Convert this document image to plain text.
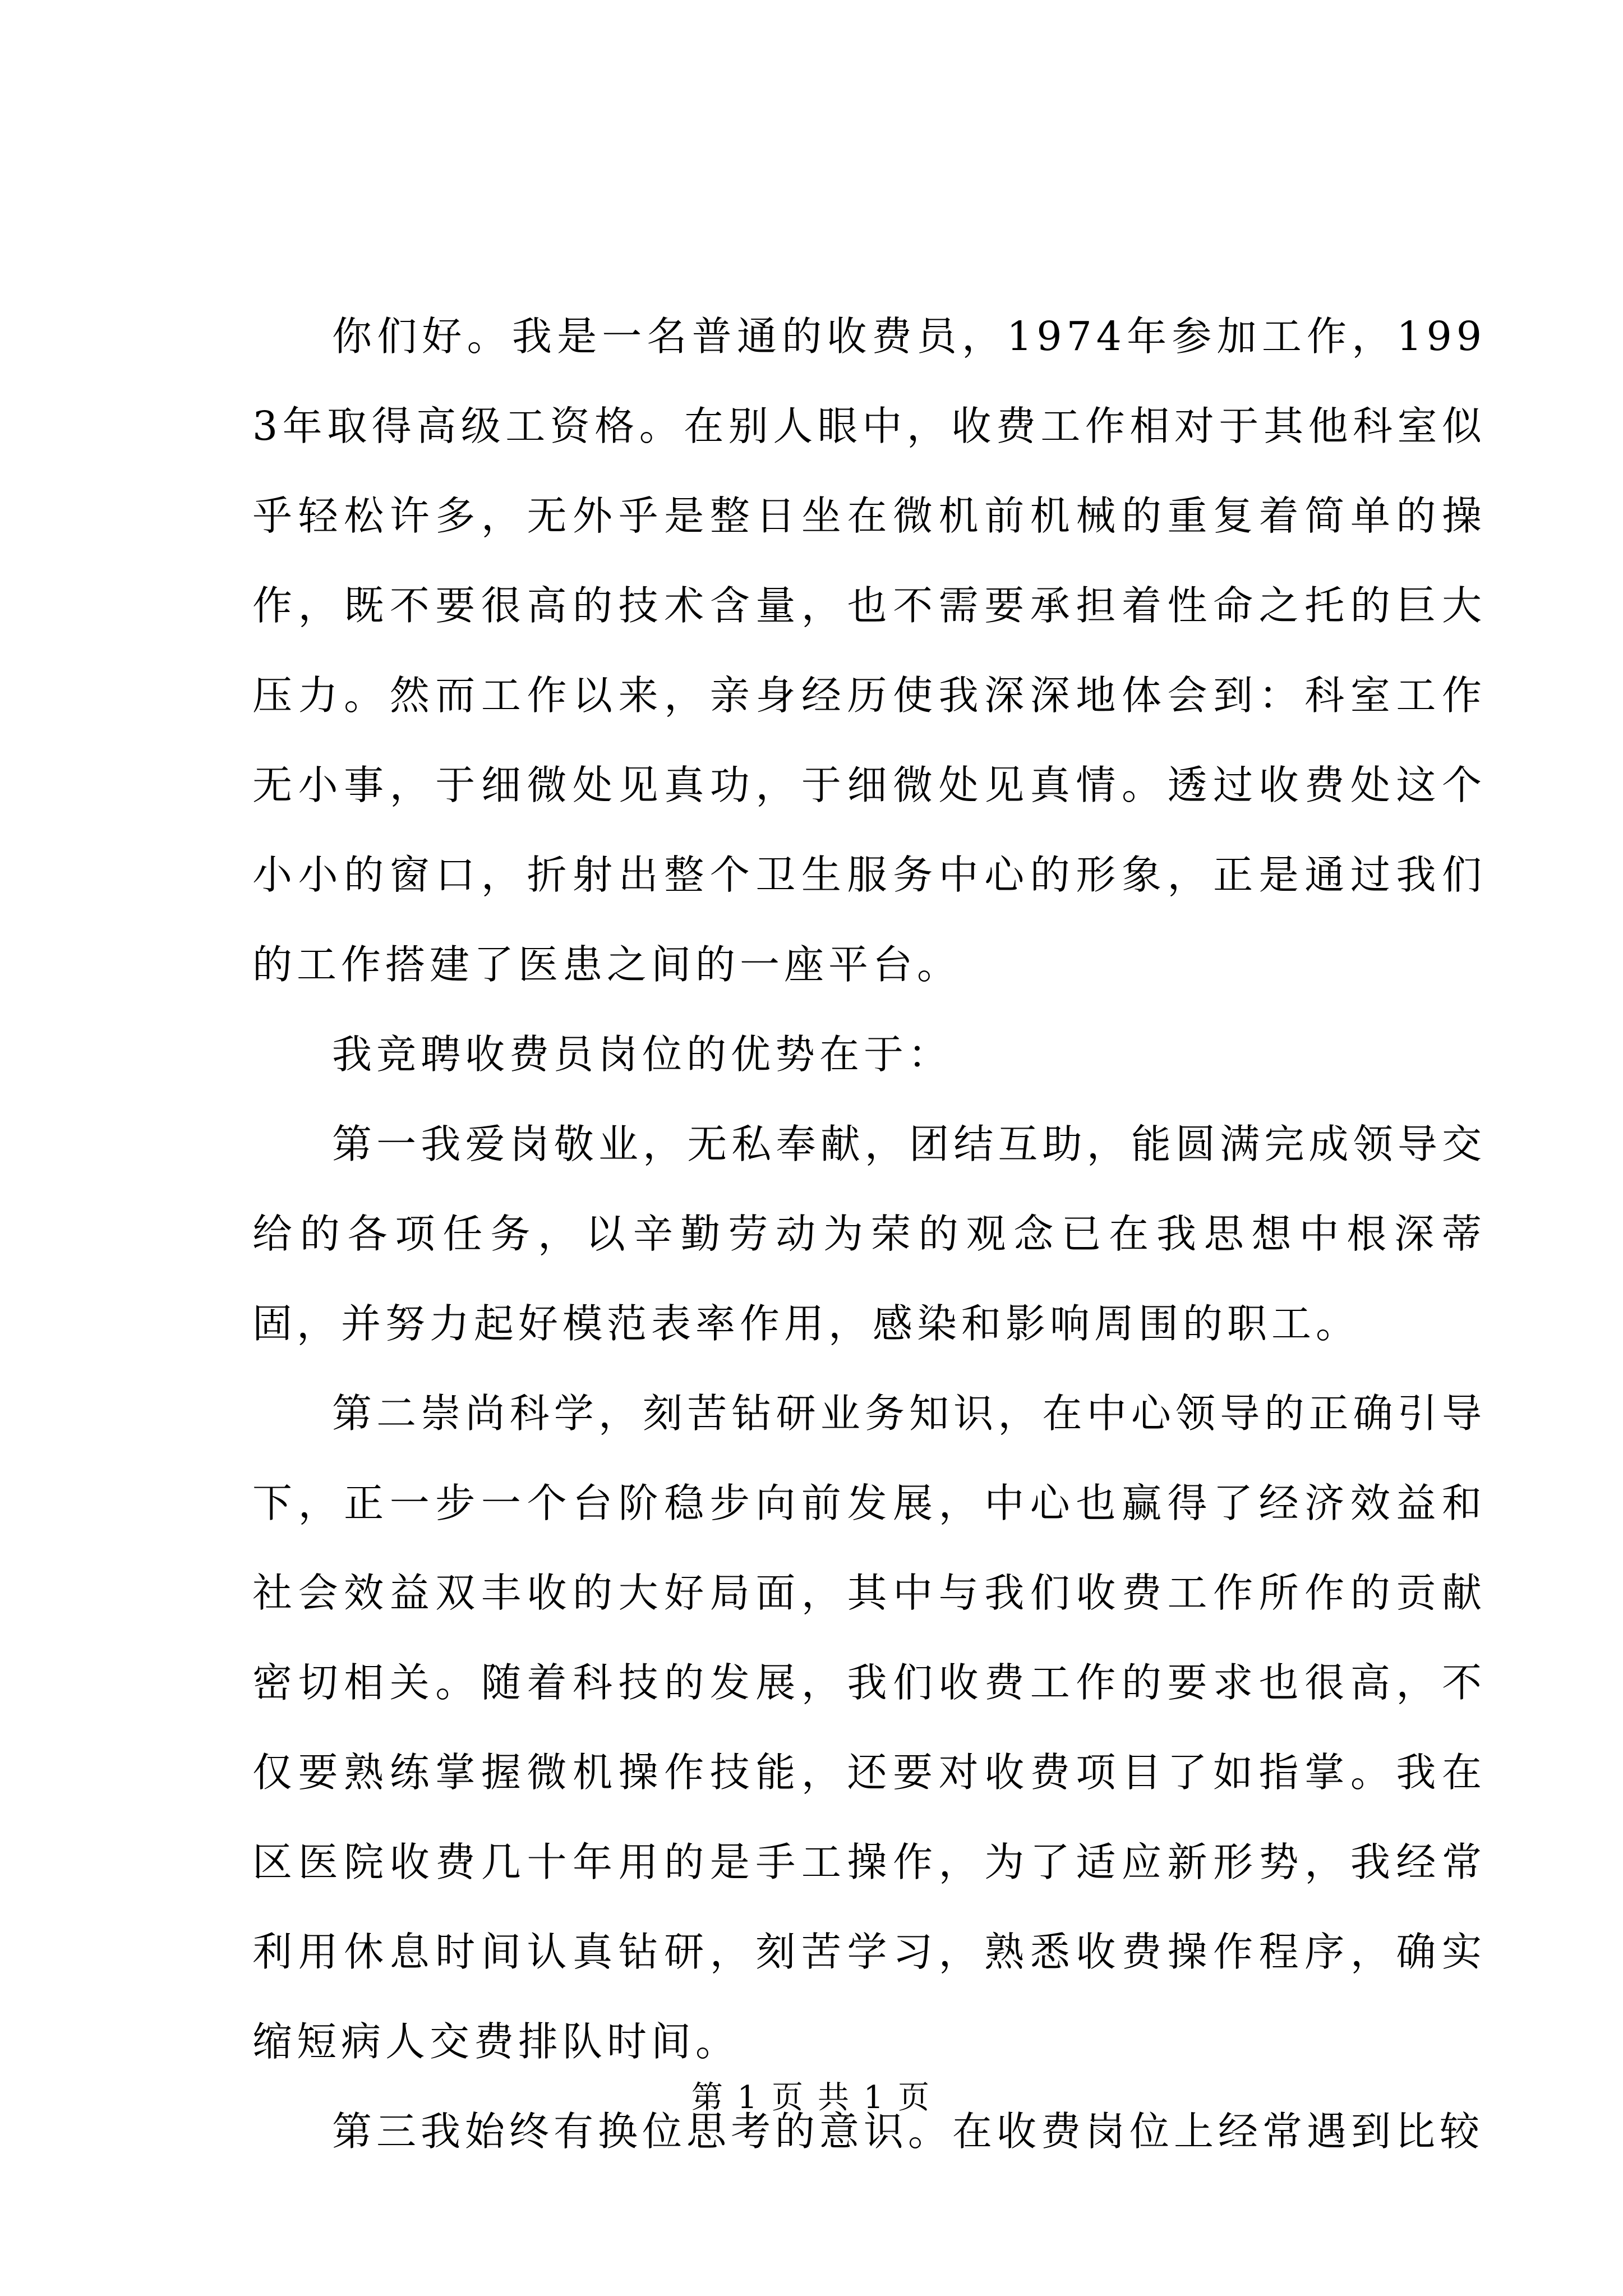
你们好。我是一名普通的收费员，1974年参加工作，1993年取得高级工资格。在别人眼中，收费工作相对于其他科室似乎轻松许多，无外乎是整日坐在微机前机械的重复着简单的操作，既不要很高的技术含量，也不需要承担着性命之托的巨大压力。然而工作以来，亲身经历使我深深地体会到：科室工作无小事，于细微处见真功，于细微处见真情。透过收费处这个小小的窗口，折射出整个卫生服务中心的形象，正是通过我们的工作搭建了医患之间的一座平台。

我竞聘收费员岗位的优势在于：

第一我爱岗敬业，无私奉献，团结互助，能圆满完成领导交给的各项任务，以辛勤劳动为荣的观念已在我思想中根深蒂固，并努力起好模范表率作用，感染和影响周围的职工。

第二崇尚科学，刻苦钻研业务知识，在中心领导的正确引导下，正一步一个台阶稳步向前发展，中心也赢得了经济效益和社会效益双丰收的大好局面，其中与我们收费工作所作的贡献密切相关。随着科技的发展，我们收费工作的要求也很高，不仅要熟练掌握微机操作技能，还要对收费项目了如指掌。我在区医院收费几十年用的是手工操作，为了适应新形势，我经常利用休息时间认真钻研，刻苦学习，熟悉收费操作程序，确实缩短病人交费排队时间。

第三我始终有换位思考的意识。在收费岗位上经常遇到比较

第 1 页 共 1 页
